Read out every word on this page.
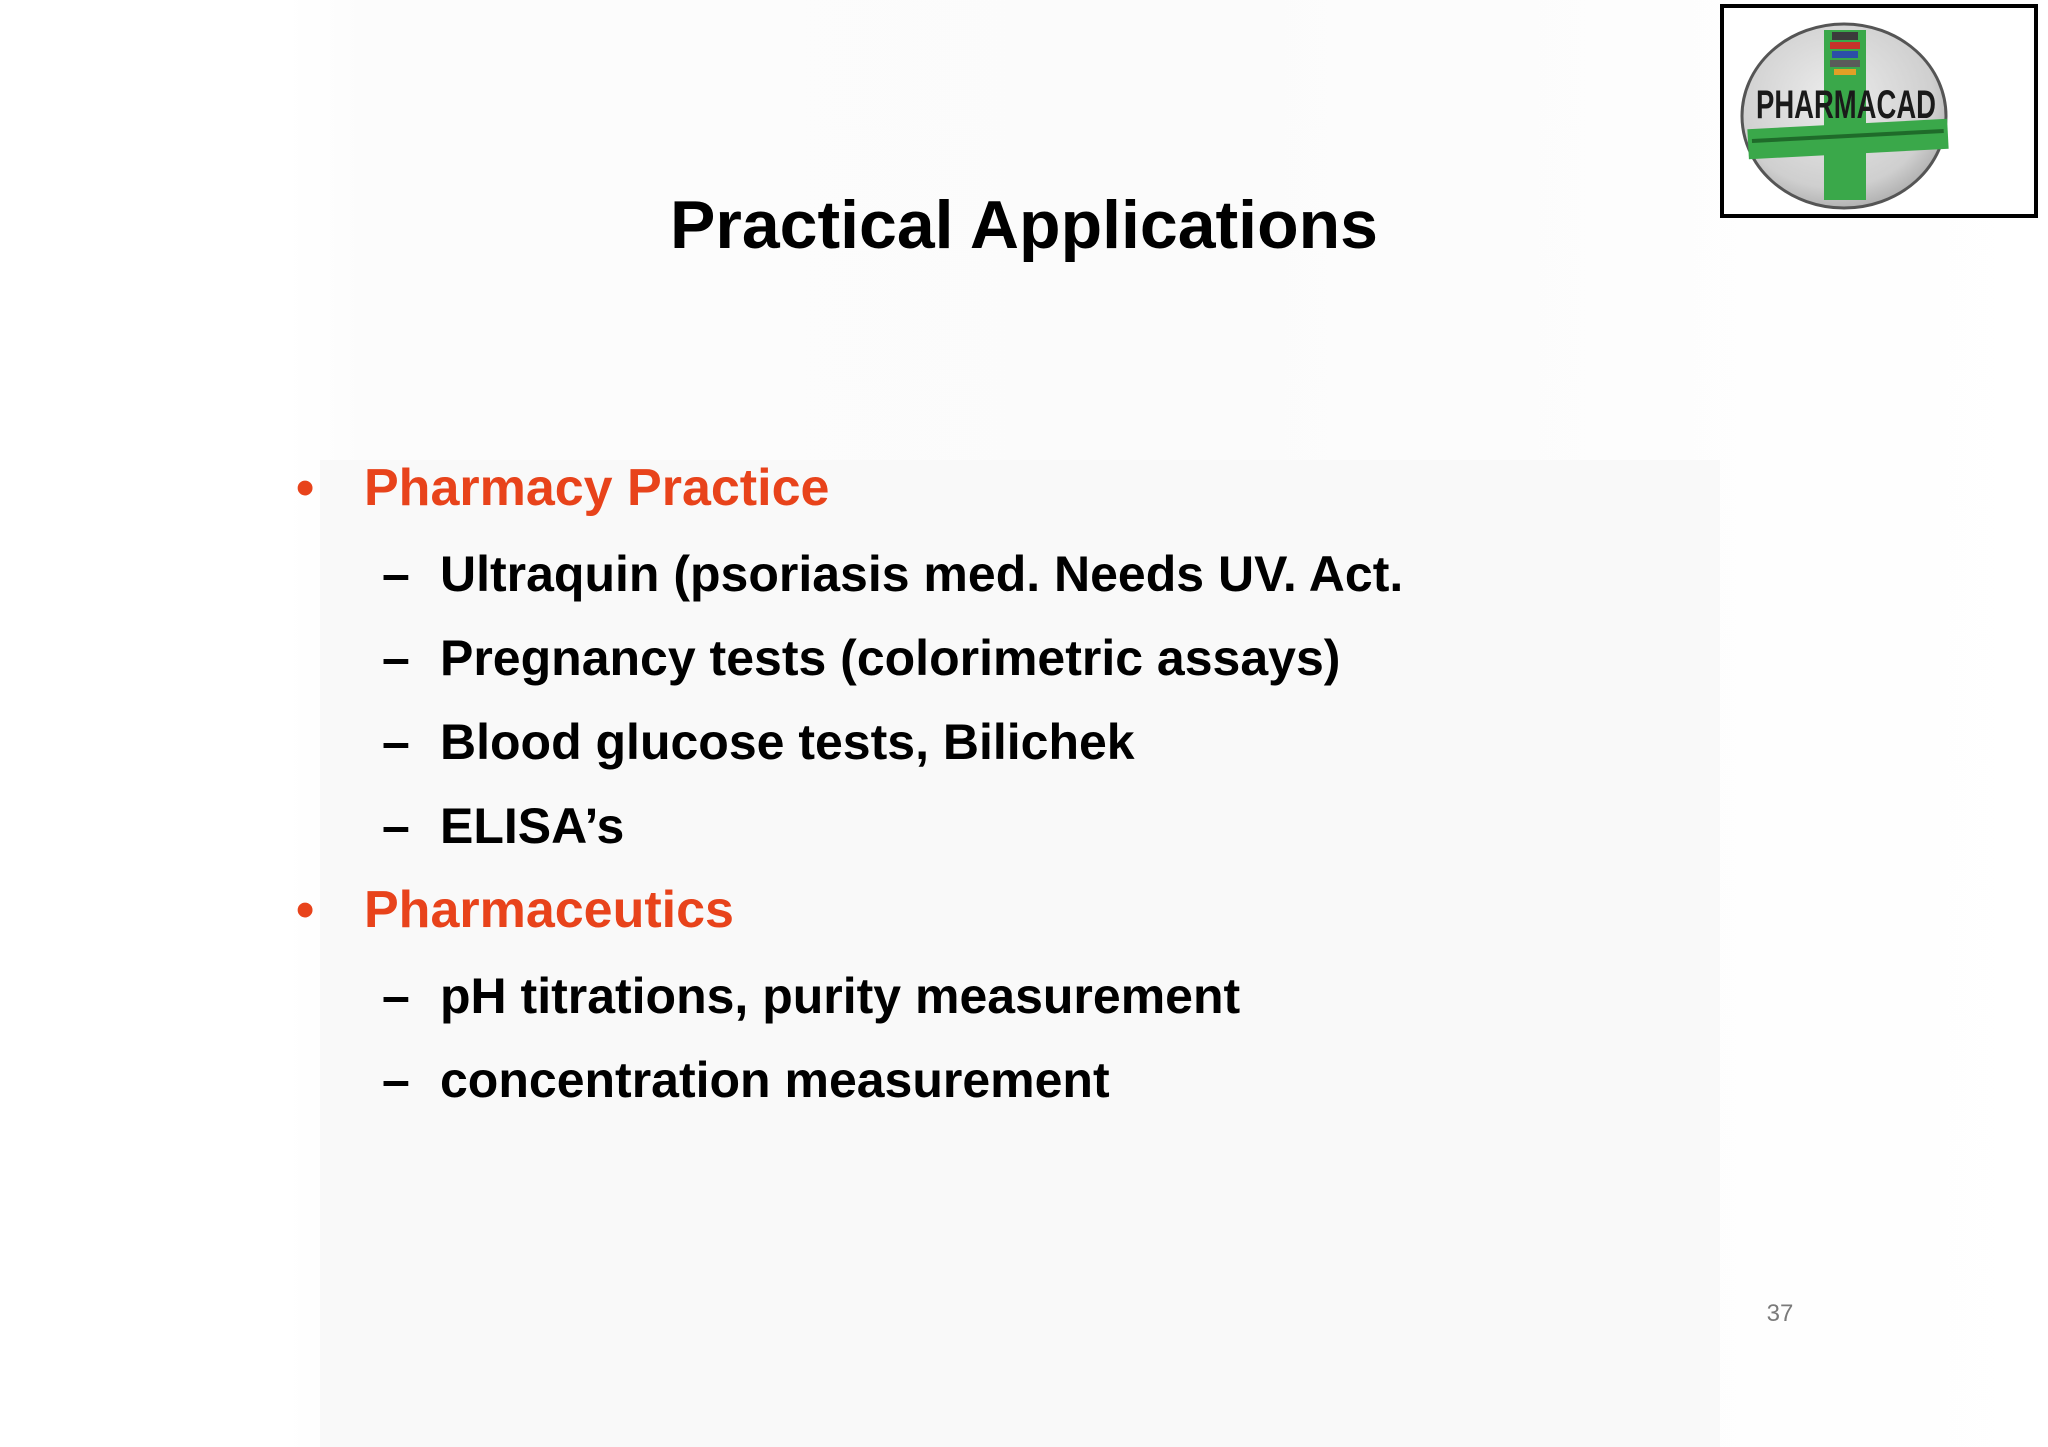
PHARMACAD
Practical Applications
• Pharmacy Practice
– Ultraquin (psoriasis med. Needs UV. Act.
– Pregnancy tests (colorimetric assays)
– Blood glucose tests, Bilichek
– ELISA’s
• Pharmaceutics
– pH titrations, purity measurement
– concentration measurement
37
